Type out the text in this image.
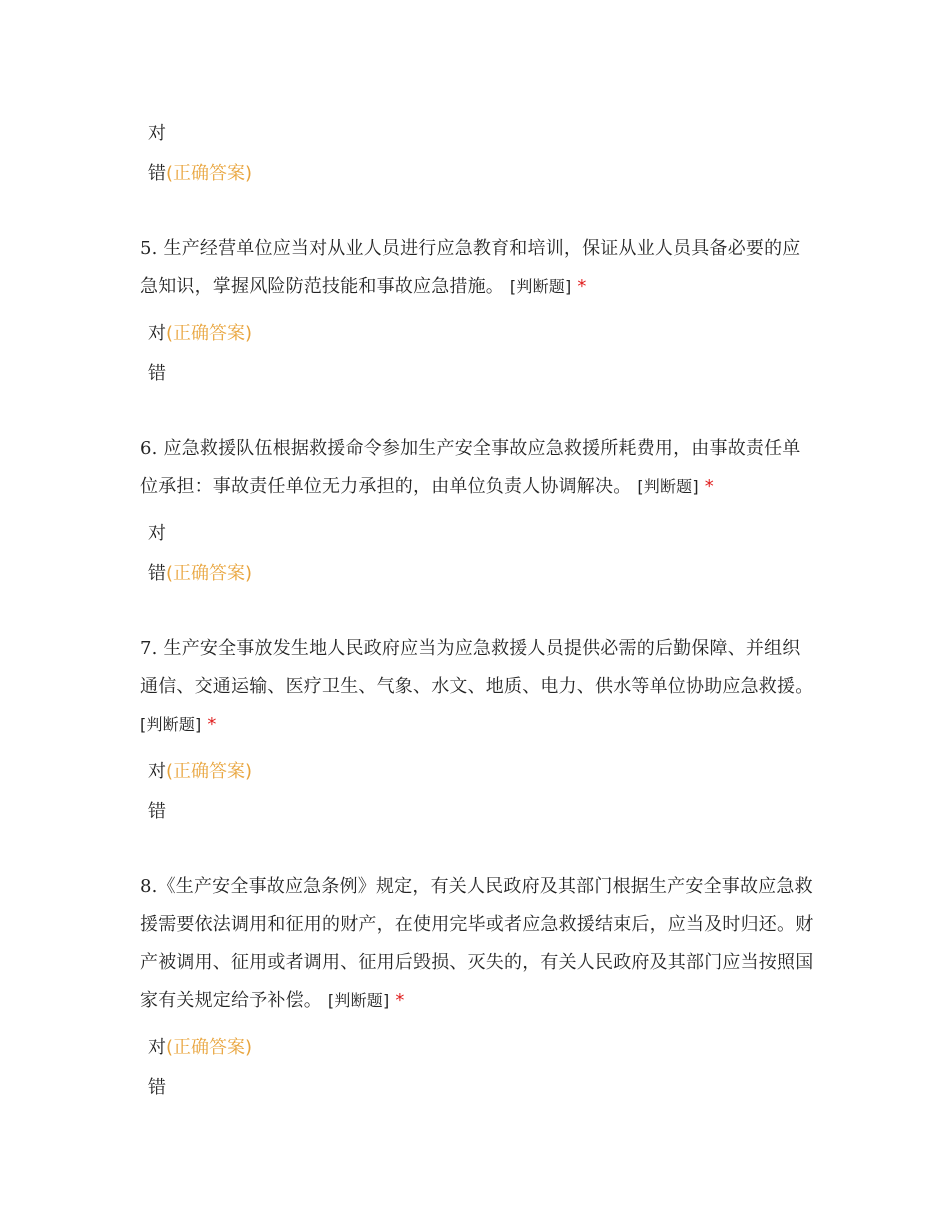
对
错(正确答案)
5. 生产经营单位应当对从业人员进行应急教育和培训，保证从业人员具备必要的应急知识，掌握风险防范技能和事故应急措施。 [判断题] *
对(正确答案)
错
6. 应急救援队伍根据救援命令参加生产安全事故应急救援所耗费用，由事故责任单位承担：事故责任单位无力承担的，由单位负责人协调解决。 [判断题] *
对
错(正确答案)
7. 生产安全事放发生地人民政府应当为应急救援人员提供必需的后勤保障、并组织通信、交通运输、医疗卫生、气象、水文、地质、电力、供水等单位协助应急救援。 [判断题] *
对(正确答案)
错
8.《生产安全事故应急条例》规定，有关人民政府及其部门根据生产安全事故应急救援需要依法调用和征用的财产，在使用完毕或者应急救援结束后，应当及时归还。财产被调用、征用或者调用、征用后毁损、灭失的，有关人民政府及其部门应当按照国家有关规定给予补偿。 [判断题] *
对(正确答案)
错
